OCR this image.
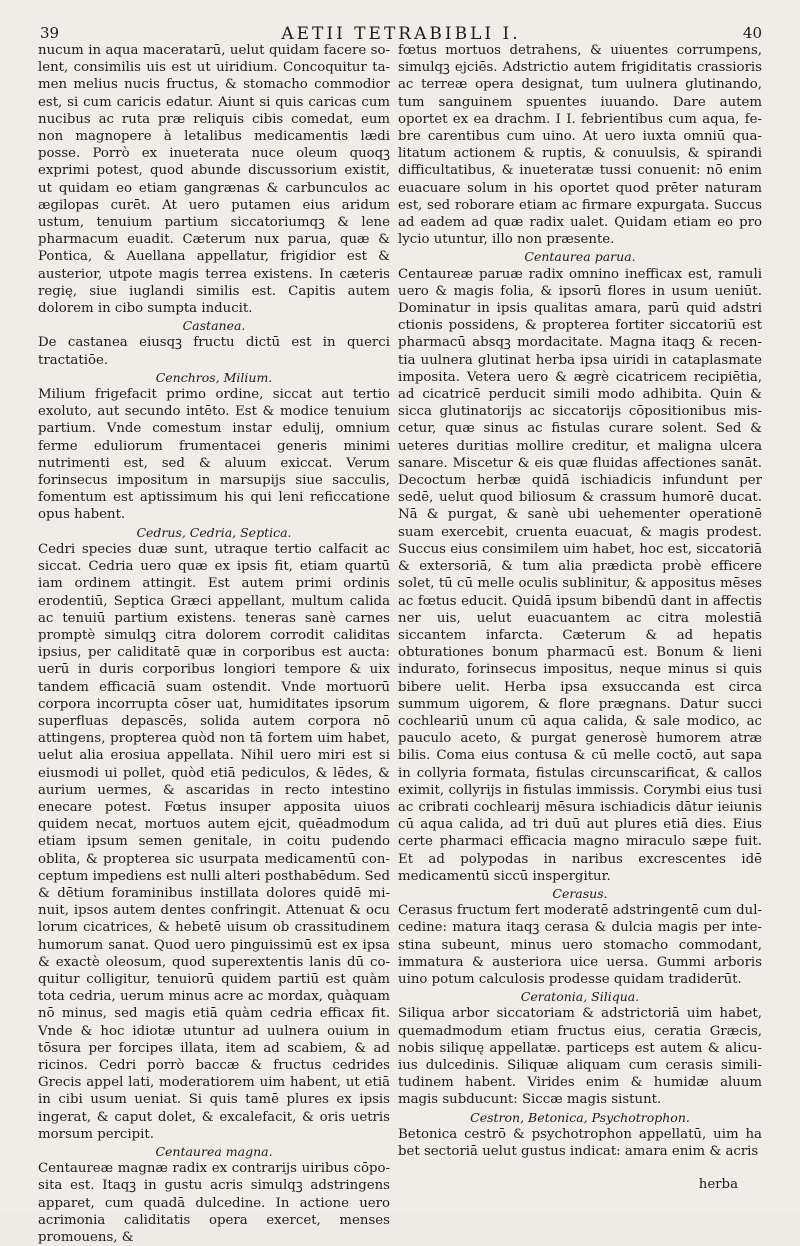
39	AETII TETRABIBLI I.	40

nucum in aqua maceratarū, uelut quidam facere solent, consimilis uis est ut uiridium. Concoquitur tamen melius nucis fructus, & stomacho commodior est, si cum caricis edatur. Aiunt si quis caricas cum nucibus ac ruta præ reliquis cibis comedat, eum non magnopere à letalibus medicamentis lædi posse. Porrò ex inueterata nuce oleum quoqꝫ exprimi potest, quod abunde discussorium existit, ut quidam eo etiam gangrænas & carbunculos ac ægilopas curēt. At uero putamen eius aridum ustum, tenuium partium siccatoriumqꝫ & lene pharmacum euadit. Cæterum nux parua, quæ & Pontica, & Auellana appellatur, frigidior est & austerior, utpote magis terrea existens. In cæteris regię, siue iuglandi similis est. Capitis autem dolorem in cibo sumpta inducit.

Castanea.

De castanea eiusqꝫ fructu dictū est in querci tractatiōe.

Cenchros, Milium.

Milium frigefacit primo ordine, siccat aut tertio exoluto, aut secundo intēto. Est & modice tenuium partium. Vnde comestum instar edulij, omnium ferme eduliorum frumentacei generis minimi nutrimenti est, sed & aluum exiccat. Verum forinsecus impositum in marsupijs siue sacculis, fomentum est aptissimum his qui leni reficcatione opus habent.

Cedrus, Cedria, Septica.

Cedri species duæ sunt, utraque tertio calfacit ac siccat. Cedria uero quæ ex ipsis fit, etiam quartū iam ordinem attingit. Est autem primi ordinis erodentiū, Septica Græci appellant, multum calida ac tenuiū partium existens. teneras sanè carnes promptè simulqꝫ citra dolorem corrodit caliditas ipsius, per caliditatē quæ in corporibus est aucta: uerū in duris corporibus longiori tempore & uix tandem efficaciā suam ostendit. Vnde mortuorū corpora incorrupta cōser uat, humiditates ipsorum superfluas depascēs, solida autem corpora nō attingens, propterea quòd non tā fortem uim habet, uelut alia erosiua appellata. Nihil uero miri est si eiusmodi ui pollet, quòd etiā pediculos, & lēdes, & aurium uermes, & ascaridas in recto intestino enecare potest. Fœtus insuper apposita uiuos quidem necat, mortuos autem ejcit, quēadmodum etiam ipsum semen genitale, in coitu pudendo oblita, & propterea sic usurpata medicamentū conceptum impediens est nulli alteri posthabēdum. Sed & dētium foraminibus instillata dolores quidē minuit, ipsos autem dentes confringit. Attenuat & ocu lorum cicatrices, & hebetē uisum ob crassitudinem humorum sanat. Quod uero pinguissimū est ex ipsa & exactè oleosum, quod superextentis lanis dū coquitur colligitur, tenuiorū quidem partiū est quàm tota cedria, uerum minus acre ac mordax, quàquam nō minus, sed magis etiā quàm cedria efficax fit. Vnde & hoc idiotæ utuntur ad uulnera ouium in tōsura per forcipes illata, item ad scabiem, & ad ricinos. Cedri porrò baccæ & fructus cedrides Grecis appel lati, moderatiorem uim habent, ut etiā in cibi usum ueniat. Si quis tamē plures ex ipsis ingerat, & caput dolet, & excalefacit, & oris uetris morsum percipit.

Centaurea magna.

Centaureæ magnæ radix ex contrarijs uiribus cōposita est. Itaqꝫ in gustu acris simulqꝫ adstringens apparet, cum quadā dulcedine. In actione uero acrimonia caliditatis opera exercet, menses promouens, &

fœtus mortuos detrahens, & uiuentes corrumpens, simulqꝫ ejciēs. Adstrictio autem frigiditatis crassioris ac terreæ opera designat, tum uulnera glutinando, tum sanguinem spuentes iuuando. Dare autem oportet ex ea drachm. I I. febrientibus cum aqua, febre carentibus cum uino. At uero iuxta omniū qualitatum actionem & ruptis, & conuulsis, & spirandi difficultatibus, & inueteratæ tussi conuenit: nō enim euacuare solum in his oportet quod prēter naturam est, sed roborare etiam ac firmare expurgata. Succus ad eadem ad quæ radix ualet. Quidam etiam eo pro lycio utuntur, illo non præsente.

Centaurea parua.

Centaureæ paruæ radix omnino inefficax est, ramuli uero & magis folia, & ipsorū flores in usum ueniūt. Dominatur in ipsis qualitas amara, parū quid adstri ctionis possidens, & propterea fortiter siccatoriū est pharmacū absqꝫ mordacitate. Magna itaqꝫ & recentia uulnera glutinat herba ipsa uiridi in cataplasmate imposita. Vetera uero & ægrè cicatricem recipiētia, ad cicatricē perducit simili modo adhibita. Quin & sicca glutinatorijs ac siccatorijs cōpositionibus miscetur, quæ sinus ac fistulas curare solent. Sed & ueteres duritias mollire creditur, et maligna ulcera sanare. Miscetur & eis quæ fluidas affectiones sanāt. Decoctum herbæ quidā ischiadicis infundunt per sedē, uelut quod biliosum & crassum humorē ducat. Nā & purgat, & sanè ubi uehementer operationē suam exercebit, cruenta euacuat, & magis prodest. Succus eius consimilem uim habet, hoc est, siccatoriā & extersoriā, & tum alia prædicta probè efficere solet, tū cū melle oculis sublinitur, & appositus mēses ac fœtus educit. Quidā ipsum bibendū dant in affectis ner uis, uelut euacuantem ac citra molestiā siccantem infarcta. Cæterum & ad hepatis obturationes bonum pharmacū est. Bonum & lieni indurato, forinsecus impositus, neque minus si quis bibere uelit. Herba ipsa exsuccanda est circa summum uigorem, & flore prægnans. Datur succi cochleariū unum cū aqua calida, & sale modico, ac pauculo aceto, & purgat generosè humorem atræ bilis. Coma eius contusa & cū melle coctō, aut sapa in collyria formata, fistulas circunscarificat, & callos eximit, collyrijs in fistulas immissis. Corymbi eius tusi ac cribrati cochlearij mēsura ischiadicis dātur ieiunis cū aqua calida, ad tri duū aut plures etiā dies. Eius certe pharmaci efficacia magno miraculo sæpe fuit. Et ad polypodas in naribus excrescentes idē medicamentū siccū inspergitur.

Cerasus.

Cerasus fructum fert moderatē adstringentē cum dulcedine: matura itaqꝫ cerasa & dulcia magis per intestina subeunt, minus uero stomacho commodant, immatura & austeriora uice uersa. Gummi arboris uino potum calculosis prodesse quidam tradiderūt.

Ceratonia, Siliqua.

Siliqua arbor siccatoriam & adstrictoriā uim habet, quemadmodum etiam fructus eius, ceratia Græcis, nobis siliquę appellatæ. particeps est autem & alicuius dulcedinis. Siliquæ aliquam cum cerasis similitudinem habent. Virides enim & humidæ aluum magis subducunt: Siccæ magis sistunt.

Cestron, Betonica, Psychotrophon.

Betonica cestrō & psychotrophon appellatū, uim ha bet sectoriā uelut gustus indicat: amara enim & acris

herba
